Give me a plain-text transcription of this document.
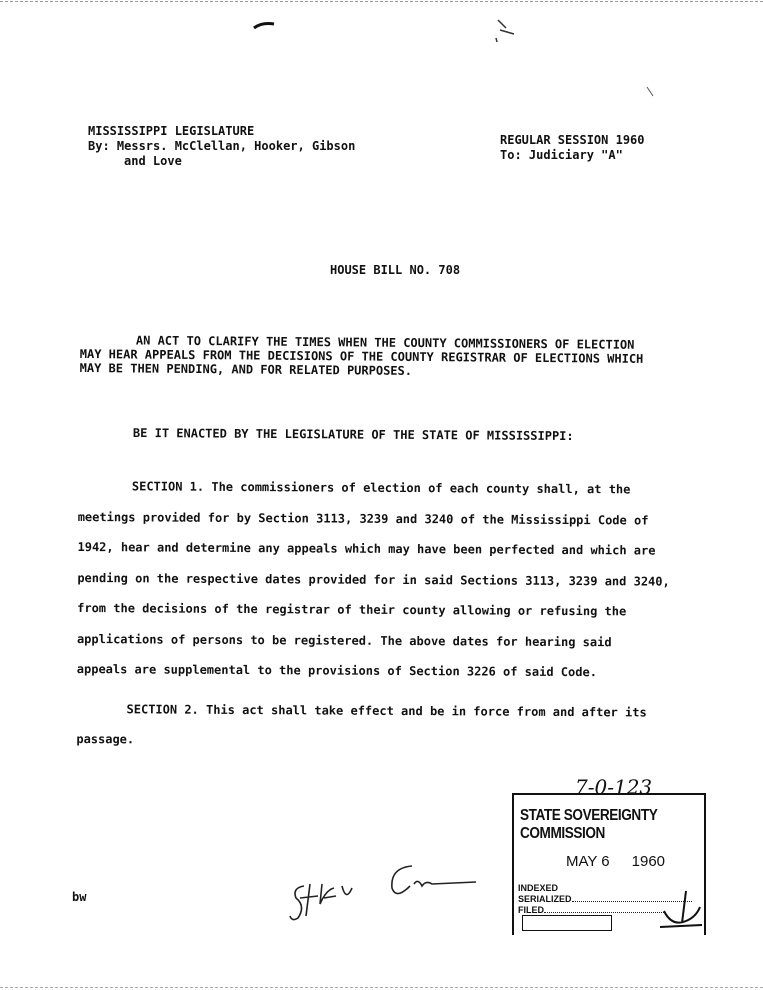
MISSISSIPPI LEGISLATURE
By: Messrs. McClellan, Hooker, Gibson
and Love
REGULAR SESSION 1960
To: Judiciary "A"
HOUSE BILL NO. 708
AN ACT TO CLARIFY THE TIMES WHEN THE COUNTY COMMISSIONERS OF ELECTION
MAY HEAR APPEALS FROM THE DECISIONS OF THE COUNTY REGISTRAR OF ELECTIONS WHICH
MAY BE THEN PENDING, AND FOR RELATED PURPOSES.
BE IT ENACTED BY THE LEGISLATURE OF THE STATE OF MISSISSIPPI:
SECTION 1. The commissioners of election of each county shall, at the
meetings provided for by Section 3113, 3239 and 3240 of the Mississippi Code of
1942, hear and determine any appeals which may have been perfected and which are
pending on the respective dates provided for in said Sections 3113, 3239 and 3240,
from the decisions of the registrar of their county allowing or refusing the
applications of persons to be registered. The above dates for hearing said
appeals are supplemental to the provisions of Section 3226 of said Code.
SECTION 2. This act shall take effect and be in force from and after its
passage.
bw
7-0-123
STATE SOVEREIGNTY COMMISSION
MAY 6 1960
INDEXED
SERIALIZED
FILED
